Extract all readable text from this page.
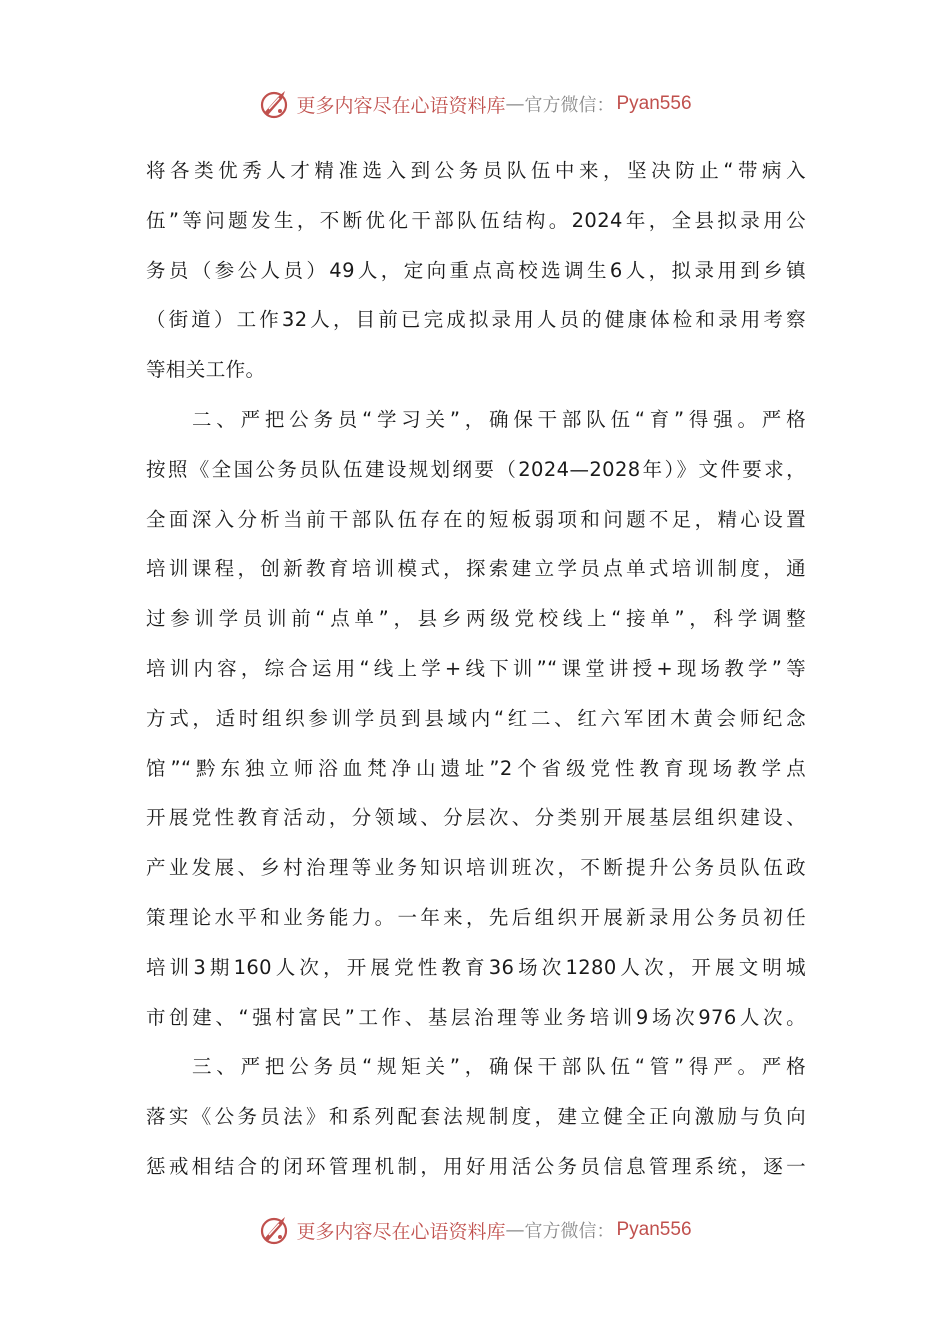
更多内容尽在心语资料库 — 官方微信： Pyan556
将各类优秀人才精准选入到公务员队伍中来，坚决防止“带病入
伍”等问题发生，不断优化干部队伍结构。2024年，全县拟录用公
务员（参公人员）49人，定向重点高校选调生6人，拟录用到乡镇
（街道）工作32人，目前已完成拟录用人员的健康体检和录用考察
等相关工作。
二、严把公务员“学习关”，确保干部队伍“育”得强。严格
按照《全国公务员队伍建设规划纲要（2024—2028年）》文件要求，
全面深入分析当前干部队伍存在的短板弱项和问题不足，精心设置
培训课程，创新教育培训模式，探索建立学员点单式培训制度，通
过参训学员训前“点单”，县乡两级党校线上“接单”，科学调整
培训内容，综合运用“线上学+线下训”“课堂讲授+现场教学”等
方式，适时组织参训学员到县域内“红二、红六军团木黄会师纪念
馆”“黔东独立师浴血梵净山遗址”2个省级党性教育现场教学点
开展党性教育活动，分领域、分层次、分类别开展基层组织建设、
产业发展、乡村治理等业务知识培训班次，不断提升公务员队伍政
策理论水平和业务能力。一年来，先后组织开展新录用公务员初任
培训3期160人次，开展党性教育36场次1280人次，开展文明城
市创建、“强村富民”工作、基层治理等业务培训9场次976人次。
三、严把公务员“规矩关”，确保干部队伍“管”得严。严格
落实《公务员法》和系列配套法规制度，建立健全正向激励与负向
惩戒相结合的闭环管理机制，用好用活公务员信息管理系统，逐一
更多内容尽在心语资料库 — 官方微信： Pyan556
